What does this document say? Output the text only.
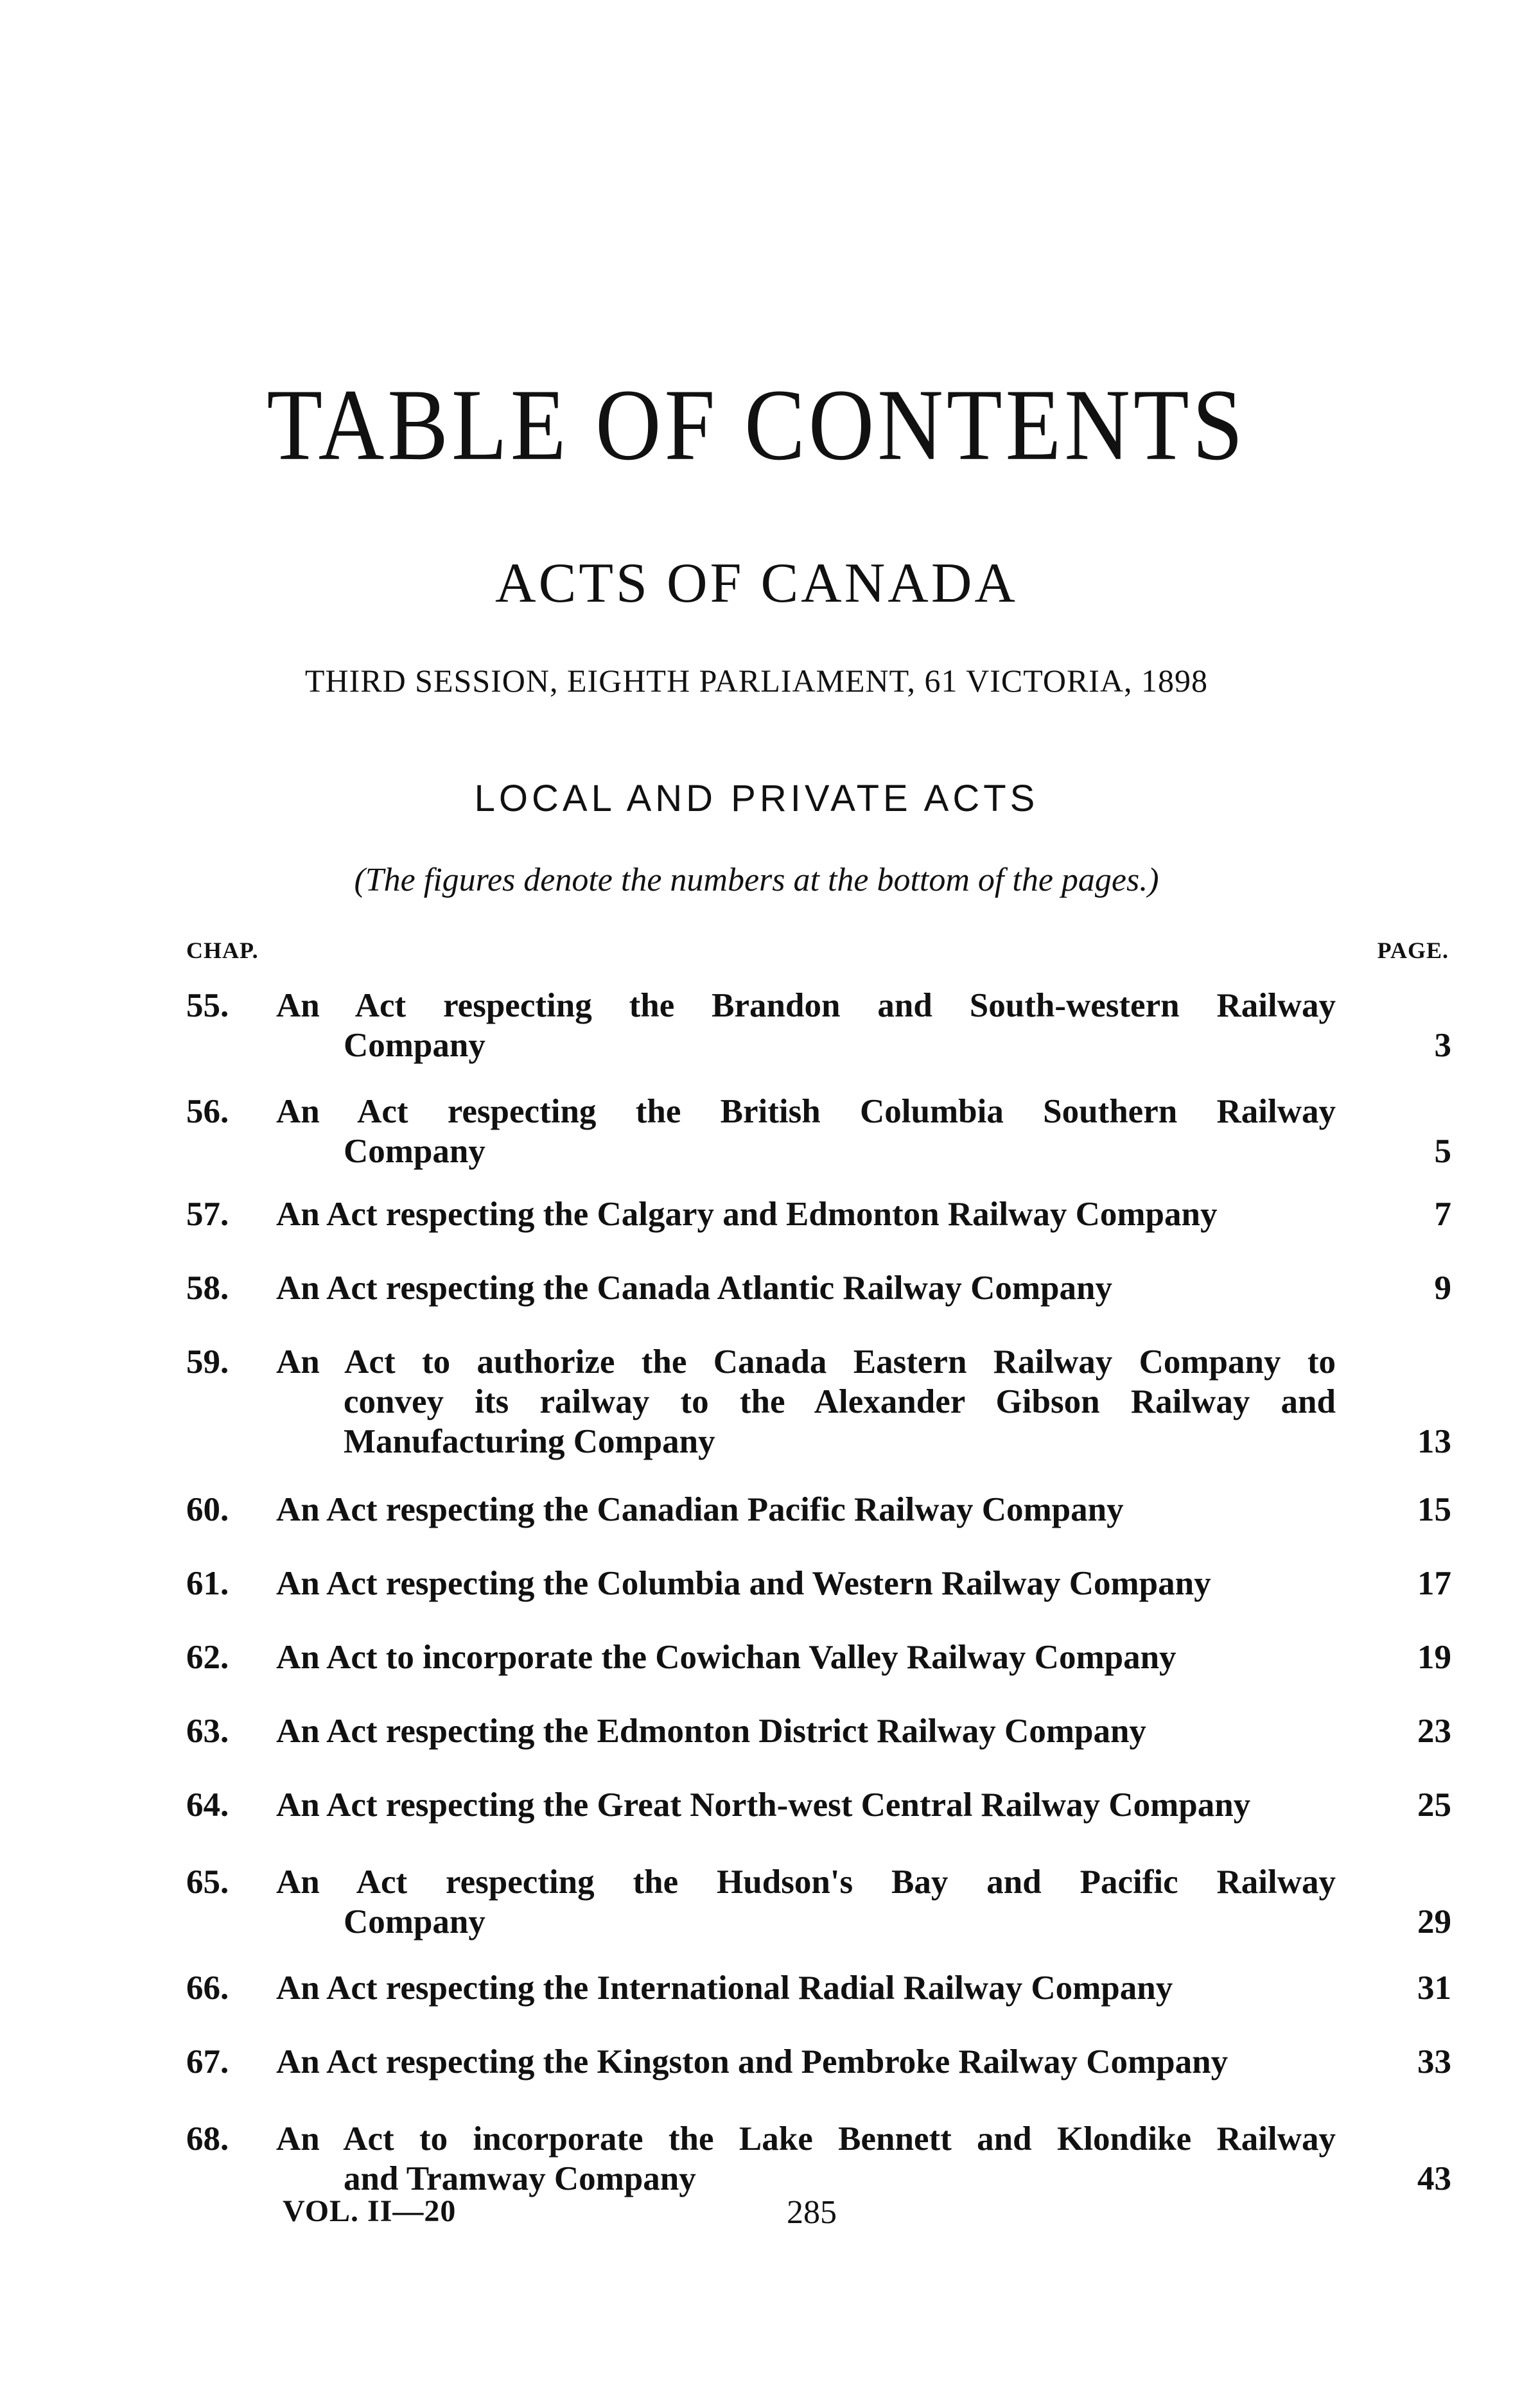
TABLE OF CONTENTS
ACTS OF CANADA
THIRD SESSION, EIGHTH PARLIAMENT, 61 VICTORIA, 1898
LOCAL AND PRIVATE ACTS
(The figures denote the numbers at the bottom of the pages.)
CHAP.	PAGE.
55. An Act respecting the Brandon and South-western Railway
Company	3
56. An Act respecting the British Columbia Southern Railway
Company	5
57. An Act respecting the Calgary and Edmonton Railway Company	7
58. An Act respecting the Canada Atlantic Railway Company	9
59. An Act to authorize the Canada Eastern Railway Company to
convey its railway to the Alexander Gibson Railway and
Manufacturing Company	13
60. An Act respecting the Canadian Pacific Railway Company	15
61. An Act respecting the Columbia and Western Railway Company	17
62. An Act to incorporate the Cowichan Valley Railway Company	19
63. An Act respecting the Edmonton District Railway Company	23
64. An Act respecting the Great North-west Central Railway Company	25
65. An Act respecting the Hudson's Bay and Pacific Railway
Company	29
66. An Act respecting the International Radial Railway Company	31
67. An Act respecting the Kingston and Pembroke Railway Company	33
68. An Act to incorporate the Lake Bennett and Klondike Railway
and Tramway Company	43
VOL. II—20	285
